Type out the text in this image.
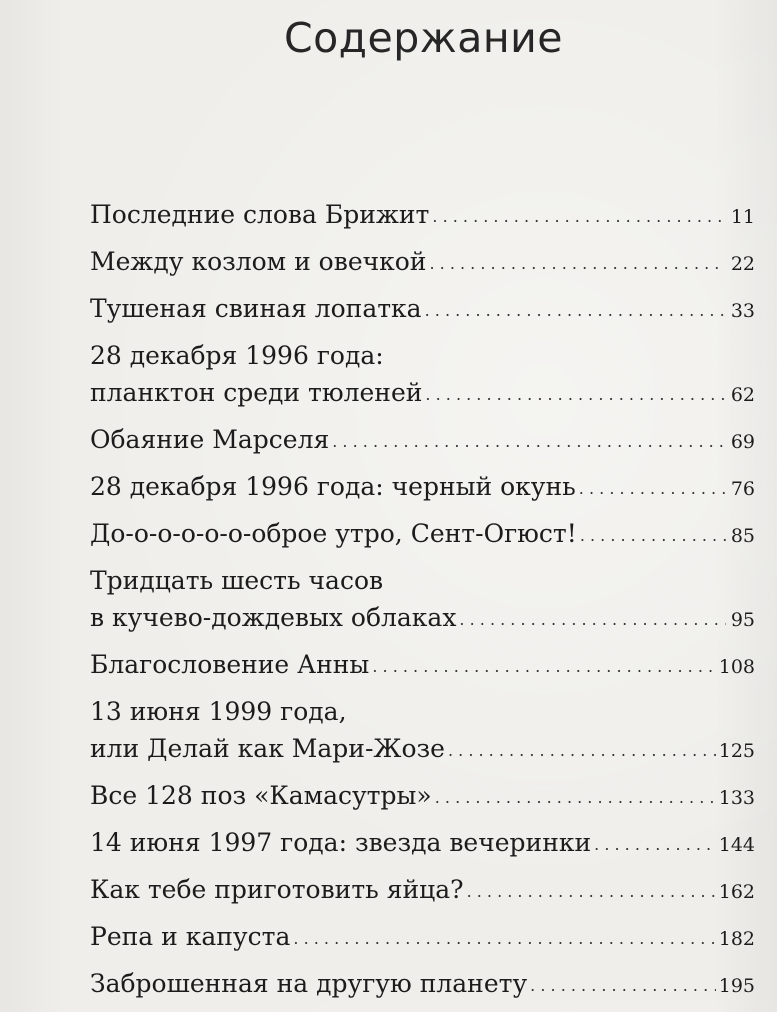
Содержание
Последние слова Брижит . . .	11
Между козлом и овечкой . . .	22
Тушеная свиная лопатка . . .	33
28 декабря 1996 года:
планктон среди тюленей . . .	62
Обаяние Марселя . . .	69
28 декабря 1996 года: черный окунь . . .	76
До-о-о-о-о-о-оброе утро, Сент-Огюст! . . .	85
Тридцать шесть часов
в кучево-дождевых облаках . . .	95
Благословение Анны . . .	108
13 июня 1999 года,
или Делай как Мари-Жозе . . .	125
Все 128 поз «Камасутры» . . .	133
14 июня 1997 года: звезда вечеринки . . .	144
Как тебе приготовить яйца? . . .	162
Репа и капуста . . .	182
Заброшенная на другую планету . . .	195
